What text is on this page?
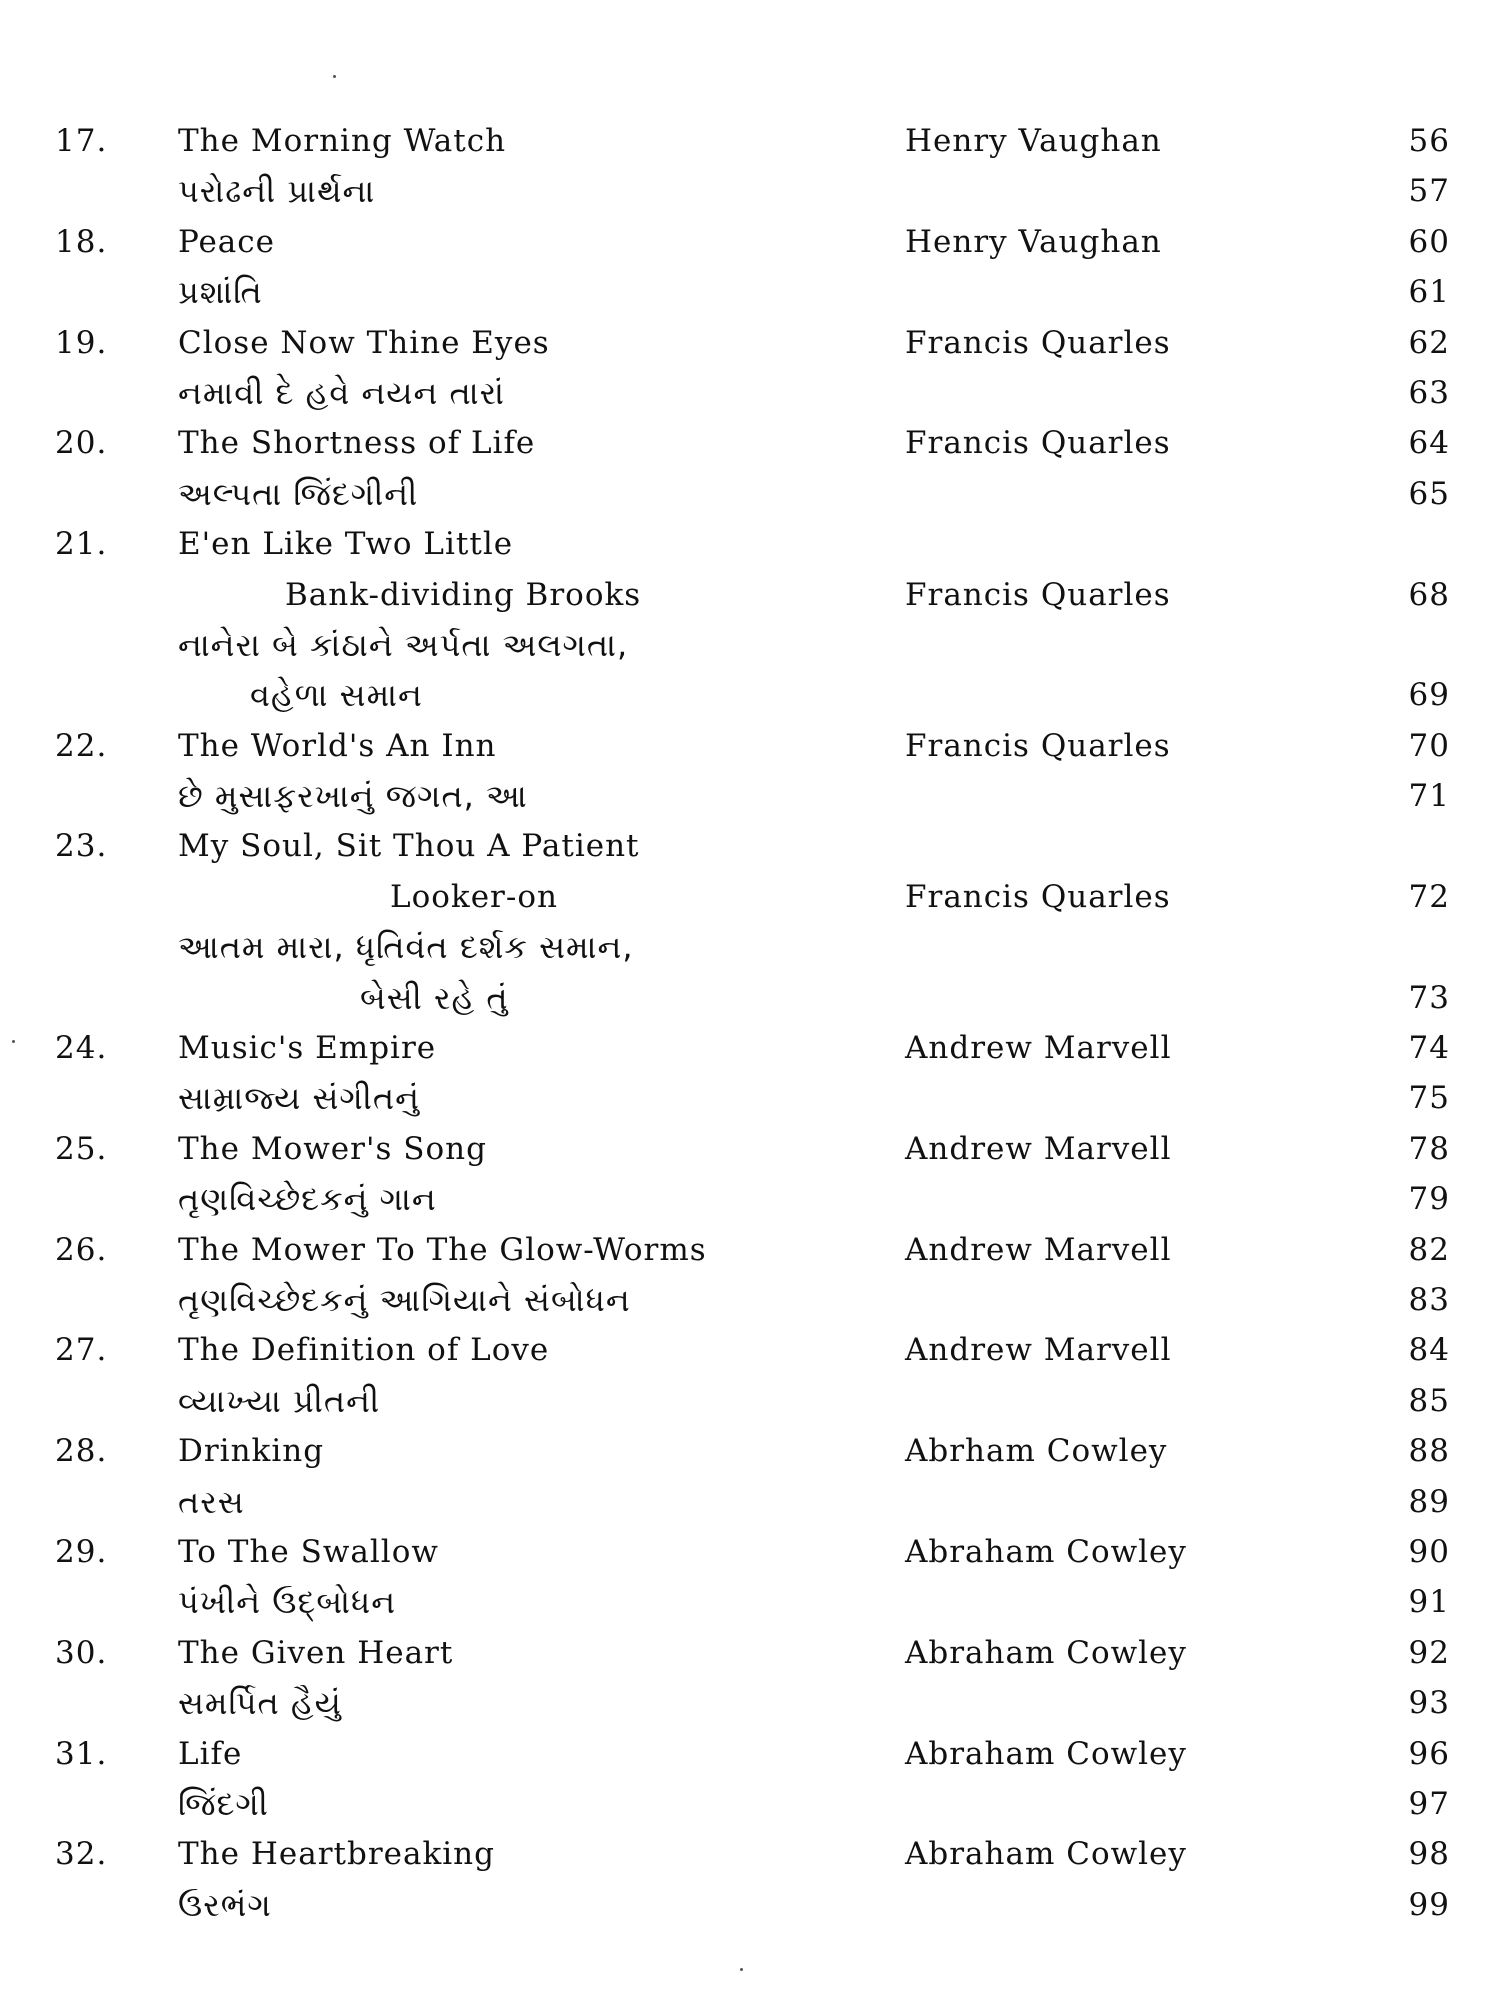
17.	The Morning Watch	Henry Vaughan	56
પરોઢની પ્રાર્થના	57
18.	Peace	Henry Vaughan	60
પ્રશાંતિ	61
19.	Close Now Thine Eyes	Francis Quarles	62
નમાવી દે હવે નયન તારાં	63
20.	The Shortness of Life	Francis Quarles	64
અલ્પતા જિંદગીની	65
21.	E'en Like Two Little
Bank-dividing Brooks	Francis Quarles	68
નાનેરા બે કાંઠાને અર્પતા અલગતા,
વહેળા સમાન	69
22.	The World's An Inn	Francis Quarles	70
છે મુસાફરખાનું જગત, આ	71
23.	My Soul, Sit Thou A Patient
Looker-on	Francis Quarles	72
આતમ મારા, ધૃતિવંત દર્શક સમાન,
બેસી રહે તું	73
24.	Music's Empire	Andrew Marvell	74
સામ્રાજ્ય સંગીતનું	75
25.	The Mower's Song	Andrew Marvell	78
તૃણવિચ્છેદકનું ગાન	79
26.	The Mower To The Glow-Worms	Andrew Marvell	82
તૃણવિચ્છેદકનું આગિયાને સંબોધન	83
27.	The Definition of Love	Andrew Marvell	84
વ્યાખ્યા પ્રીતની	85
28.	Drinking	Abrham Cowley	88
તરસ	89
29.	To The Swallow	Abraham Cowley	90
પંખીને ઉદ્બોધન	91
30.	The Given Heart	Abraham Cowley	92
સમર્પિત હૈયું	93
31.	Life	Abraham Cowley	96
જિંદગી	97
32.	The Heartbreaking	Abraham Cowley	98
ઉરભંગ	99
